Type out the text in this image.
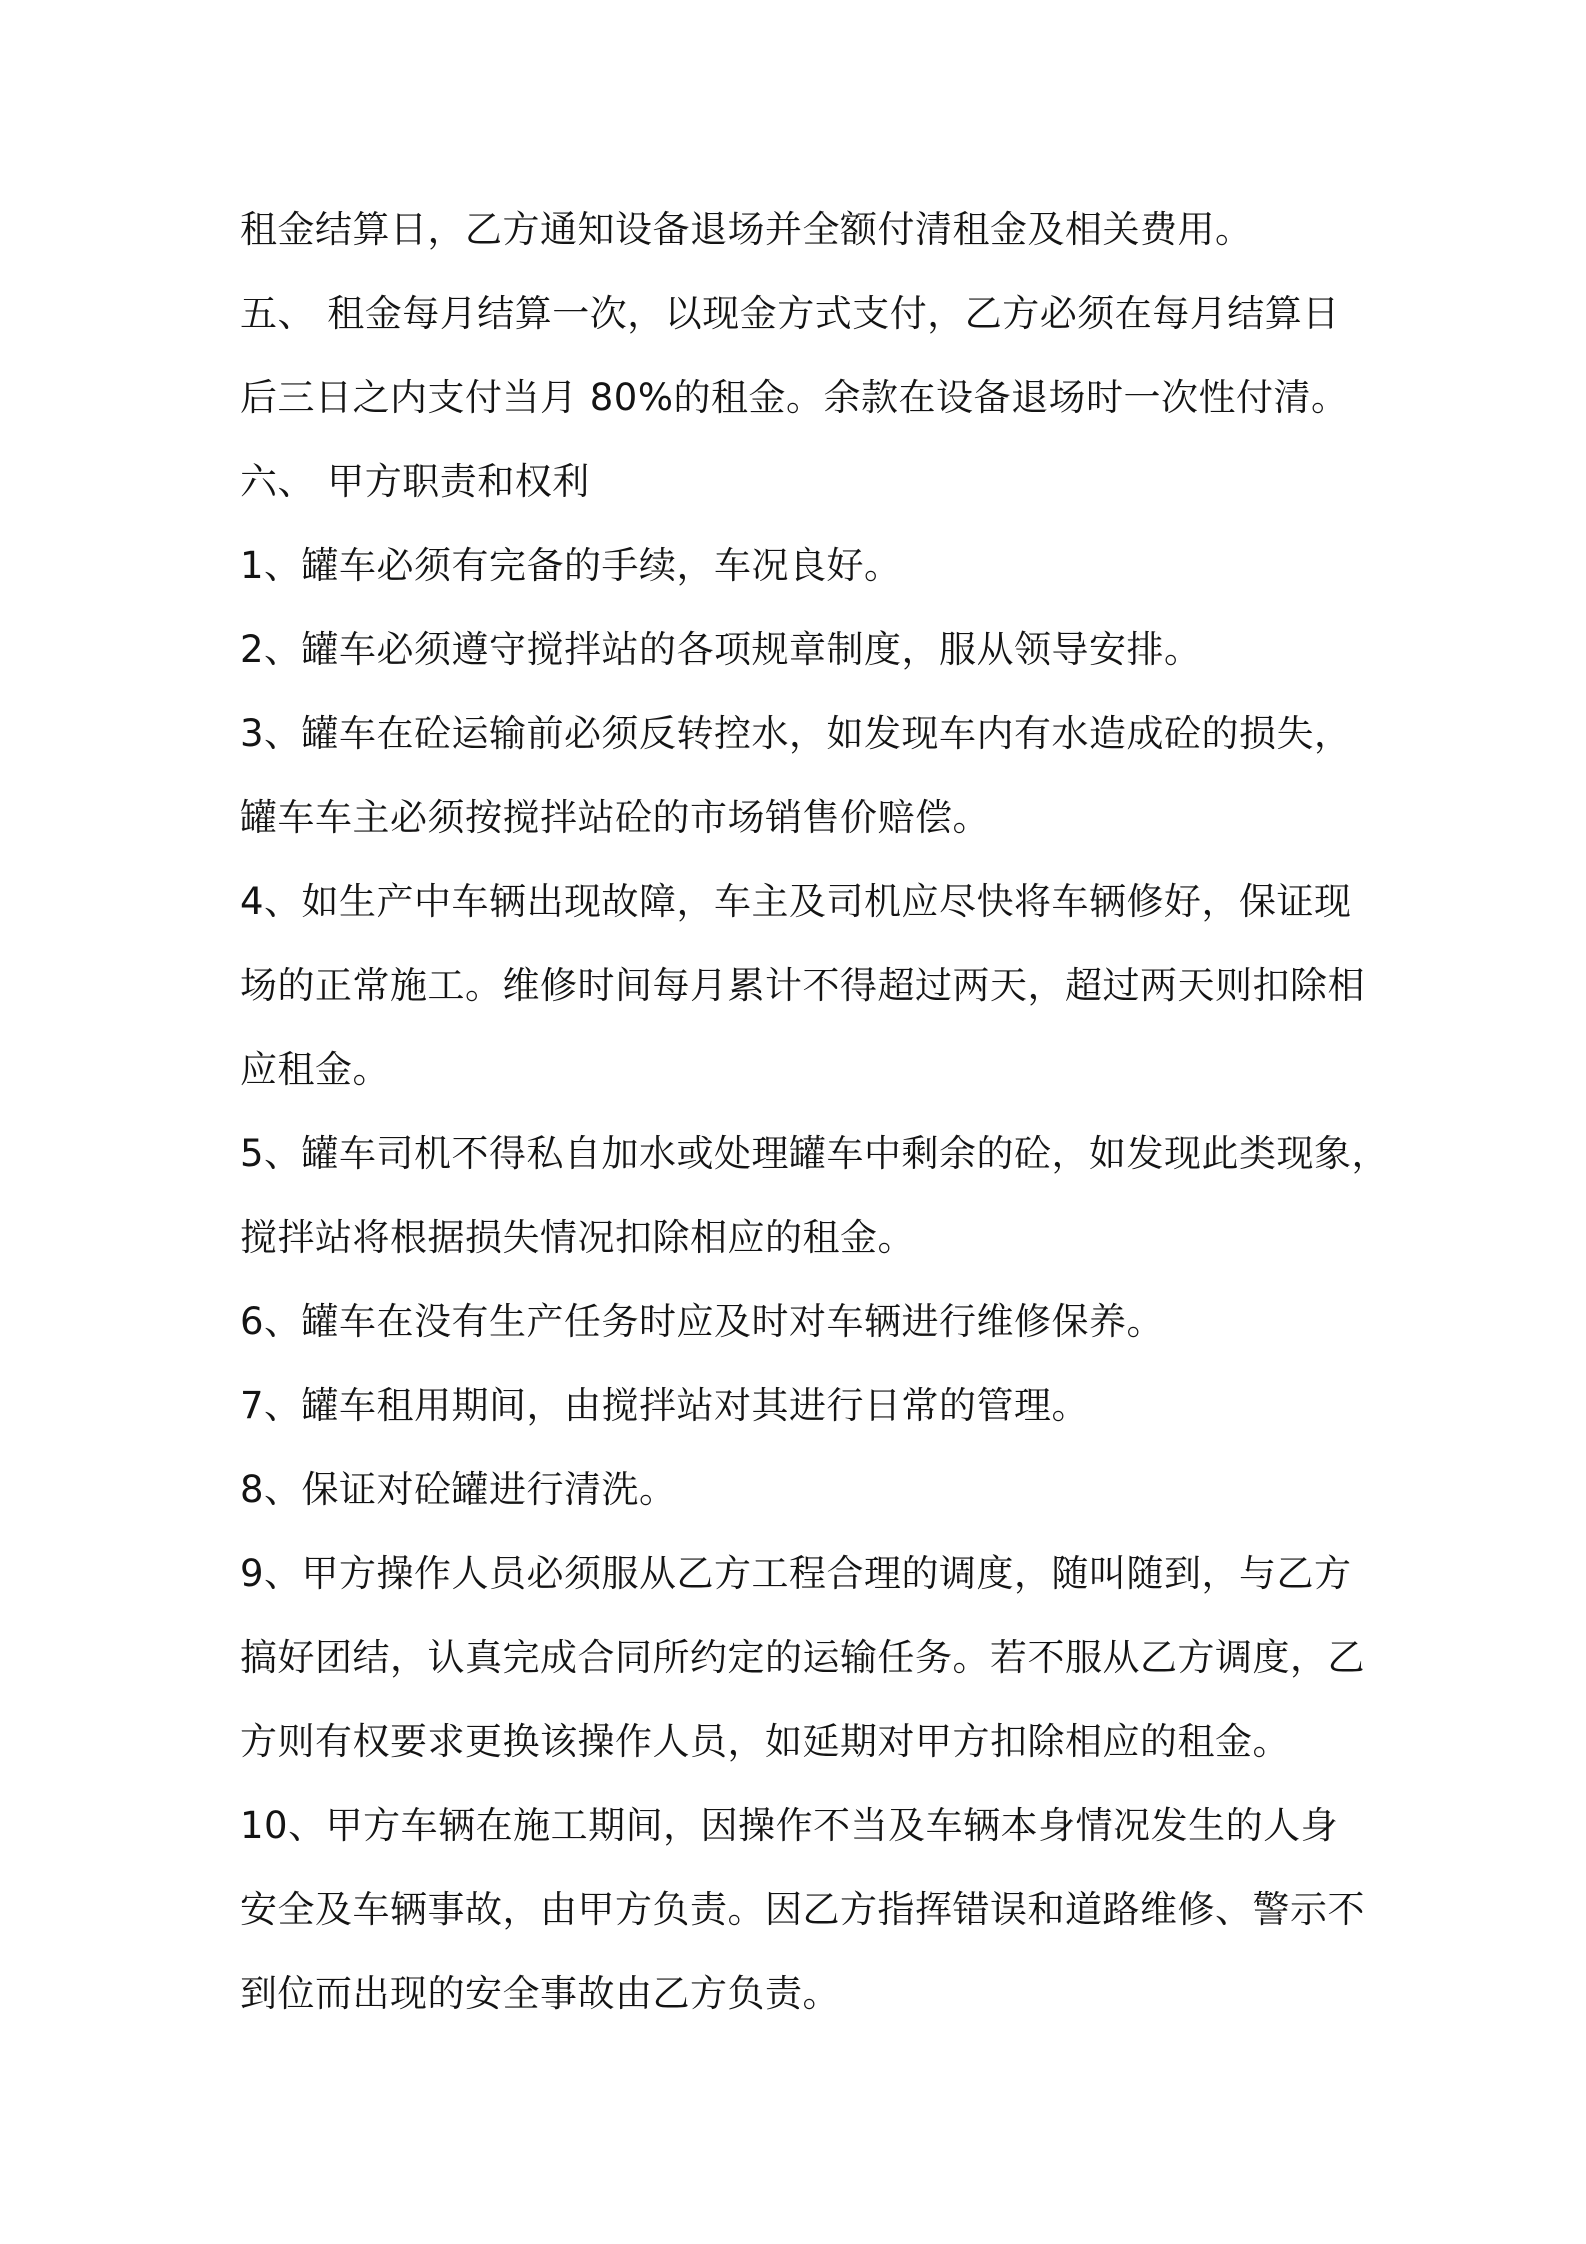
租金结算日，乙方通知设备退场并全额付清租金及相关费用。
五、 租金每月结算一次，以现金方式支付，乙方必须在每月结算日
后三日之内支付当月 80%的租金。余款在设备退场时一次性付清。
六、 甲方职责和权利
1、罐车必须有完备的手续，车况良好。
2、罐车必须遵守搅拌站的各项规章制度，服从领导安排。
3、罐车在砼运输前必须反转控水，如发现车内有水造成砼的损失，
罐车车主必须按搅拌站砼的市场销售价赔偿。
4、如生产中车辆出现故障，车主及司机应尽快将车辆修好，保证现
场的正常施工。维修时间每月累计不得超过两天，超过两天则扣除相
应租金。
5、罐车司机不得私自加水或处理罐车中剩余的砼，如发现此类现象，
搅拌站将根据损失情况扣除相应的租金。
6、罐车在没有生产任务时应及时对车辆进行维修保养。
7、罐车租用期间，由搅拌站对其进行日常的管理。
8、保证对砼罐进行清洗。
9、甲方操作人员必须服从乙方工程合理的调度，随叫随到，与乙方
搞好团结，认真完成合同所约定的运输任务。若不服从乙方调度，乙
方则有权要求更换该操作人员，如延期对甲方扣除相应的租金。
10、甲方车辆在施工期间，因操作不当及车辆本身情况发生的人身
安全及车辆事故，由甲方负责。因乙方指挥错误和道路维修、警示不
到位而出现的安全事故由乙方负责。
